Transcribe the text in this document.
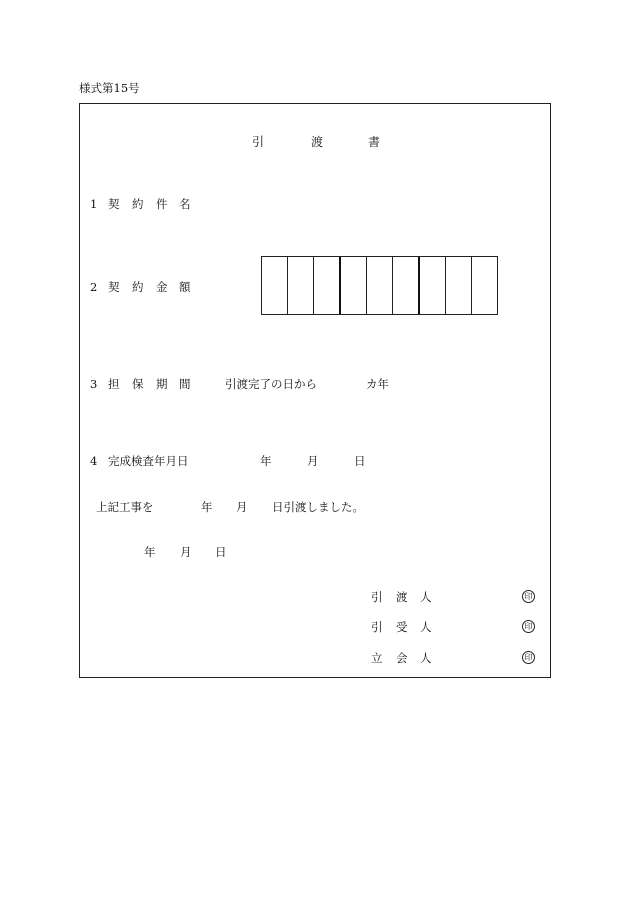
様式第15号
引	渡	書
1 契 約 件 名
2 契 約 金 額
3 担 保 期 間	引渡完了の日から	カ年
4 完成検査年月日	年	月	日
上記工事を	年 月 日引渡しました。
年 月 日
引 渡 人	印
引 受 人	印
立 会 人	印
